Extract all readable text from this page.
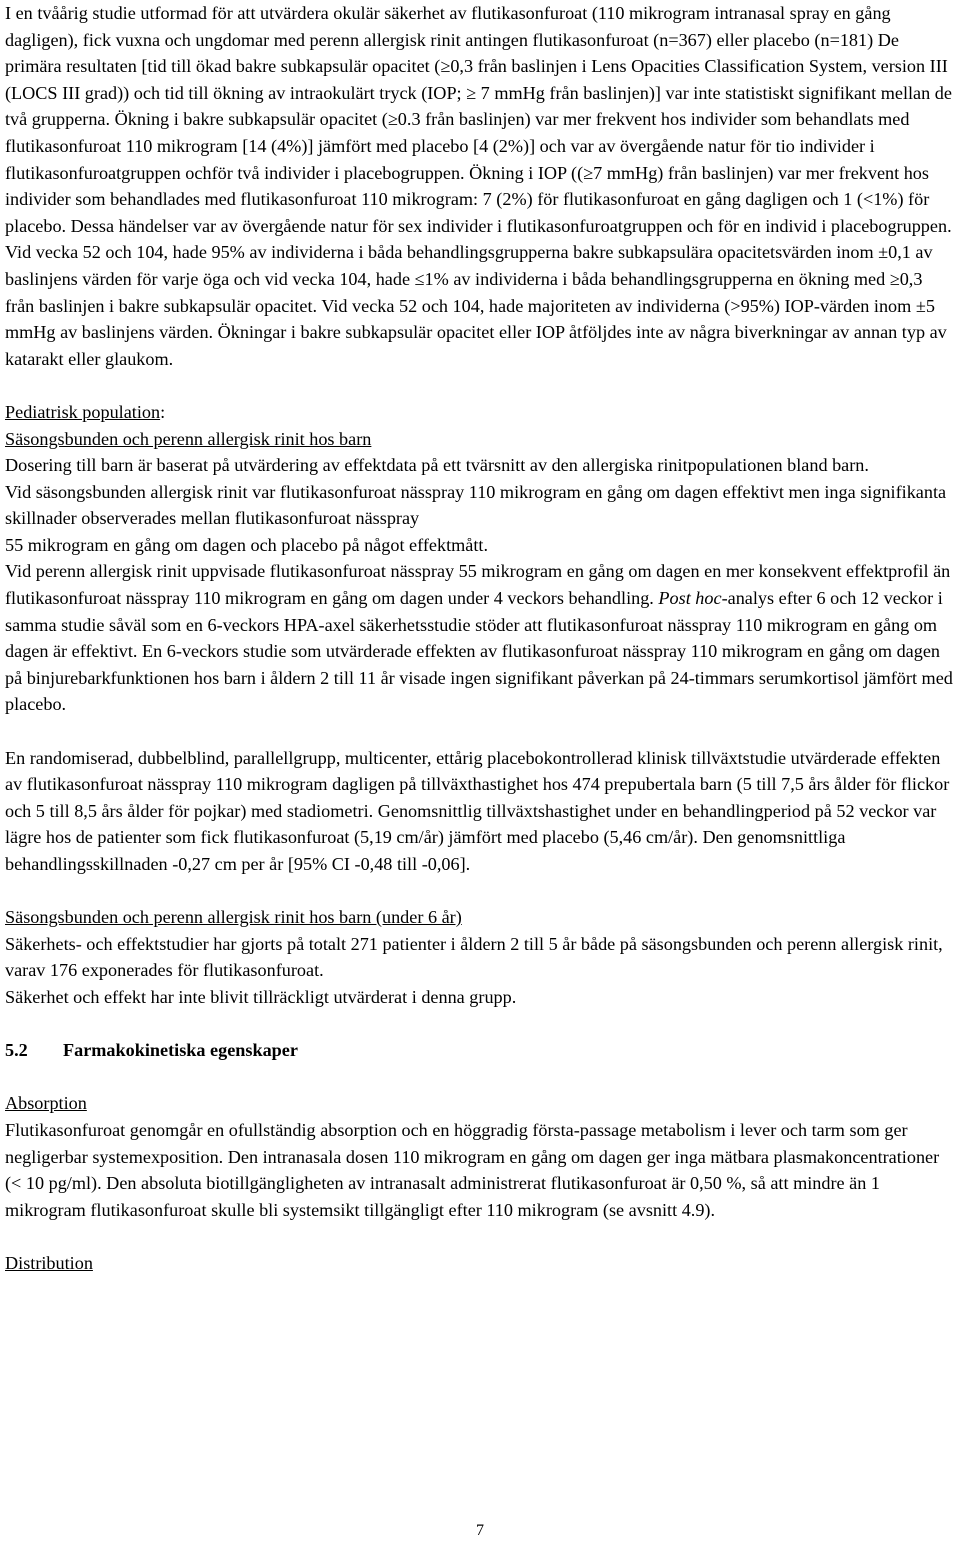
I en tvåårig studie utformad för att utvärdera okulär säkerhet av flutikasonfuroat (110 mikrogram intranasal spray en gång dagligen), fick vuxna och ungdomar med perenn allergisk rinit antingen flutikasonfuroat (n=367) eller placebo (n=181) De primära resultaten [tid till ökad bakre subkapsulär opacitet (≥0,3 från baslinjen i Lens Opacities Classification System, version III (LOCS III grad)) och tid till ökning av intraokulärt tryck (IOP; ≥ 7 mmHg från baslinjen)] var inte statistiskt signifikant mellan de två grupperna. Ökning i bakre subkapsulär opacitet (≥0.3 från baslinjen) var mer frekvent hos individer som behandlats med flutikasonfuroat 110 mikrogram [14 (4%)] jämfört med placebo [4 (2%)] och var av övergående natur för tio individer i flutikasonfuroatgruppen ochför två individer i placebogruppen. Ökning i IOP ((≥7 mmHg) från baslinjen) var mer frekvent hos individer som behandlades med flutikasonfuroat 110 mikrogram: 7 (2%) för flutikasonfuroat en gång dagligen och 1 (<1%) för placebo. Dessa händelser var av övergående natur för sex individer i flutikasonfuroatgruppen och för en individ i placebogruppen. Vid vecka 52 och 104, hade 95% av individerna i båda behandlingsgrupperna bakre subkapsulära opacitetsvärden inom ±0,1 av baslinjens värden för varje öga och vid vecka 104, hade ≤1% av individerna i båda behandlingsgrupperna en ökning med ≥0,3 från baslinjen i bakre subkapsulär opacitet. Vid vecka 52 och 104, hade majoriteten av individerna (>95%) IOP-värden inom ±5 mmHg av baslinjens värden. Ökningar i bakre subkapsulär opacitet eller IOP åtföljdes inte av några biverkningar av annan typ av katarakt eller glaukom.

Pediatrisk population:

Säsongsbunden och perenn allergisk rinit hos barn

Dosering till barn är baserat på utvärdering av effektdata på ett tvärsnitt av den allergiska rinitpopulationen bland barn.

Vid säsongsbunden allergisk rinit var flutikasonfuroat nässpray 110 mikrogram en gång om dagen effektivt men inga signifikanta skillnader observerades mellan flutikasonfuroat nässpray
55 mikrogram en gång om dagen och placebo på något effektmått.

Vid perenn allergisk rinit uppvisade flutikasonfuroat nässpray 55 mikrogram en gång om dagen en mer konsekvent effektprofil än flutikasonfuroat nässpray 110 mikrogram en gång om dagen under 4 veckors behandling. Post hoc-analys efter 6 och 12 veckor i samma studie såväl som en 6-veckors HPA-axel säkerhetsstudie stöder att flutikasonfuroat nässpray 110 mikrogram en gång om dagen är effektivt. En 6-veckors studie som utvärderade effekten av flutikasonfuroat nässpray 110 mikrogram en gång om dagen på binjurebarkfunktionen hos barn i åldern 2 till 11 år visade ingen signifikant påverkan på 24-timmars serumkortisol jämfört med placebo.

En randomiserad, dubbelblind, parallellgrupp, multicenter, ettårig placebokontrollerad klinisk tillväxtstudie utvärderade effekten av flutikasonfuroat nässpray 110 mikrogram dagligen på tillväxthastighet hos 474 prepubertala barn (5 till 7,5 års ålder för flickor och 5 till 8,5 års ålder för pojkar) med stadiometri. Genomsnittlig tillväxtshastighet under en behandlingperiod på 52 veckor var lägre hos de patienter som fick flutikasonfuroat (5,19 cm/år) jämfört med placebo (5,46 cm/år). Den genomsnittliga behandlingsskillnaden -0,27 cm per år [95% CI -0,48 till -0,06].

Säsongsbunden och perenn allergisk rinit hos barn (under 6 år)

Säkerhets- och effektstudier har gjorts på totalt 271 patienter i åldern 2 till 5 år både på säsongsbunden och perenn allergisk rinit, varav 176 exponerades för flutikasonfuroat.

Säkerhet och effekt har inte blivit tillräckligt utvärderat i denna grupp.

5.2 Farmakokinetiska egenskaper

Absorption

Flutikasonfuroat genomgår en ofullständig absorption och en höggradig första-passage metabolism i lever och tarm som ger negligerbar systemexposition. Den intranasala dosen 110 mikrogram en gång om dagen ger inga mätbara plasmakoncentrationer (< 10 pg/ml). Den absoluta biotillgängligheten av intranasalt administrerat flutikasonfuroat är 0,50 %, så att mindre än 1 mikrogram flutikasonfuroat skulle bli systemsikt tillgängligt efter 110 mikrogram (se avsnitt 4.9).

Distribution

7
